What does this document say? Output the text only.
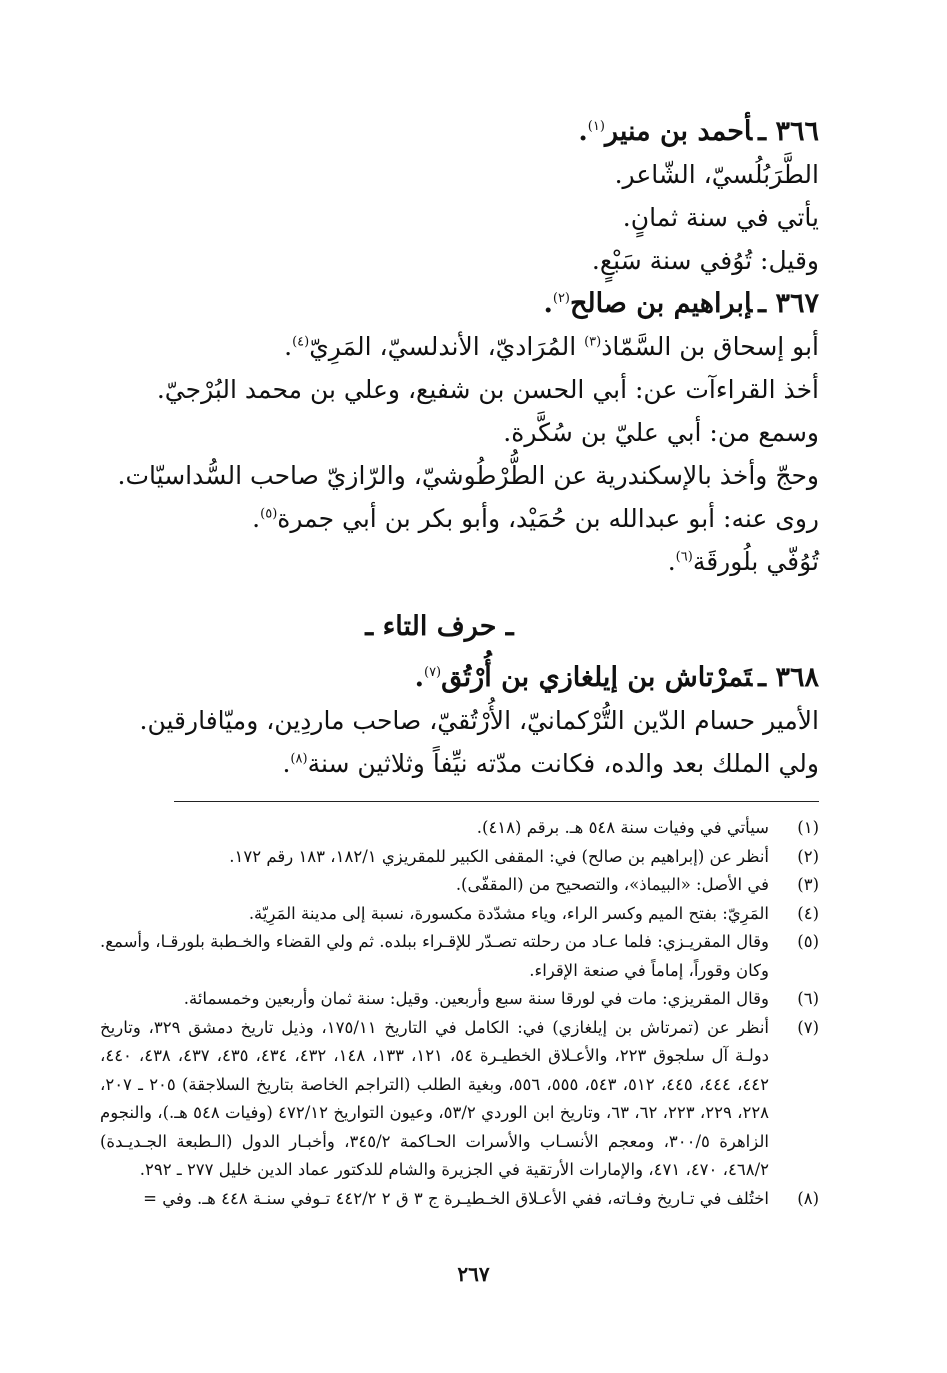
٣٦٦ ـأحمد بن منير$^{(١)}$.
الطَّرَبُلُسيّ، الشّاعر.
يأتي في سنة ثمانٍ.
وقيل: تُوُفي سنة سَبْعٍ.
٣٦٧ ـإبراهيم بن صالح$^{(٢)}$.
أبو إسحاق بن السَّمّاذ$^{(٣)}$ المُرَاديّ، الأندلسيّ، المَرِيّ$^{(٤)}$.
أخذ القراءآت عن: أبي الحسن بن شفيع، وعلي بن محمد البُرْجيّ.
وسمع من: أبي عليّ بن سُكَّرة.
وحجّ وأخذ بالإسكندرية عن الطُّرْطُوشيّ، والرّازيّ صاحب السُّداسيّات.
روى عنه: أبو عبدالله بن حُمَيْد، وأبو بكر بن أبي جمرة$^{(٥)}$.
تُوُفّي بلُورقَة$^{(٦)}$.
ـ حرف التاء ـ
٣٦٨ ـتَمرْتاش بن إيلغازي بن أُرْتُق$^{(٧)}$.
الأمير حسام الدّين التُّرْكمانيّ، الأُرْتُقيّ، صاحب ماردِين، وميّافارقين.
ولي الملك بعد والده، فكانت مدّته نيِّفاً وثلاثين سنة$^{(٨)}$.
(١)
سيأتي في وفيات سنة ٥٤٨ هـ. برقم (٤١٨).
(٢)
أنظر عن (إبراهيم بن صالح) في: المقفى الكبير للمقريزي ١٨٢/١، ١٨٣ رقم ١٧٢.
(٣)
في الأصل: «البيماذ»، والتصحيح من (المقفّى).
(٤)
المَرِيّ: بفتح الميم وكسر الراء، وياء مشدّدة مكسورة، نسبة إلى مدينة المَرِيّة.
(٥)
وقال المقريـزي: فلما عـاد من رحلته تصـدّر للإقـراء ببلده. ثم ولي القضاء والخـطبة بلورقـا، وأسمع. وكان وقوراً، إماماً في صنعة الإقراء.
(٦)
وقال المقريزي: مات في لورقا سنة سبع وأربعين. وقيل: سنة ثمان وأربعين وخمسمائة.
(٧)
أنظر عن (تمرتاش بن إيلغازي) في: الكامل في التاريخ ١٧٥/١١، وذيل تاريخ دمشق ٣٢٩، وتاريخ دولـة آل سلجوق ٢٢٣، والأعـلاق الخطيـرة ٥٤، ١٢١، ١٣٣، ١٤٨، ٤٣٢، ٤٣٤، ٤٣٥، ٤٣٧، ٤٣٨، ٤٤٠، ٤٤٢، ٤٤٤، ٤٤٥، ٥١٢، ٥٤٣، ٥٥٥، ٥٥٦، وبغية الطلب (التراجم الخاصة بتاريخ السلاجقة) ٢٠٥ ـ ٢٠٧، ٢٢٨، ٢٢٩، ٢٢٣، ٦٢، ٦٣، وتاريخ ابن الوردي ٥٣/٢، وعيون التواريخ ٤٧٢/١٢ (وفيات ٥٤٨ هـ.)، والنجوم الزاهرة ٣٠٠/٥، ومعجم الأنسـاب والأسرات الحـاكمة ٣٤٥/٢، وأخبـار الدول (الـطبعة الجـديـدة) ٤٦٨/٢، ٤٧٠، ٤٧١، والإمارات الأرتقية في الجزيرة والشام للدكتور عماد الدين خليل ٢٧٧ ـ ٢٩٢.
(٨)
اختُلف في تـاريخ وفـاته، ففي الأعـلاق الخـطيـرة ج ٣ ق ٢ ٤٤٢/٢ تـوفي سنـة ٤٤٨ هـ. وفي =
٢٦٧
